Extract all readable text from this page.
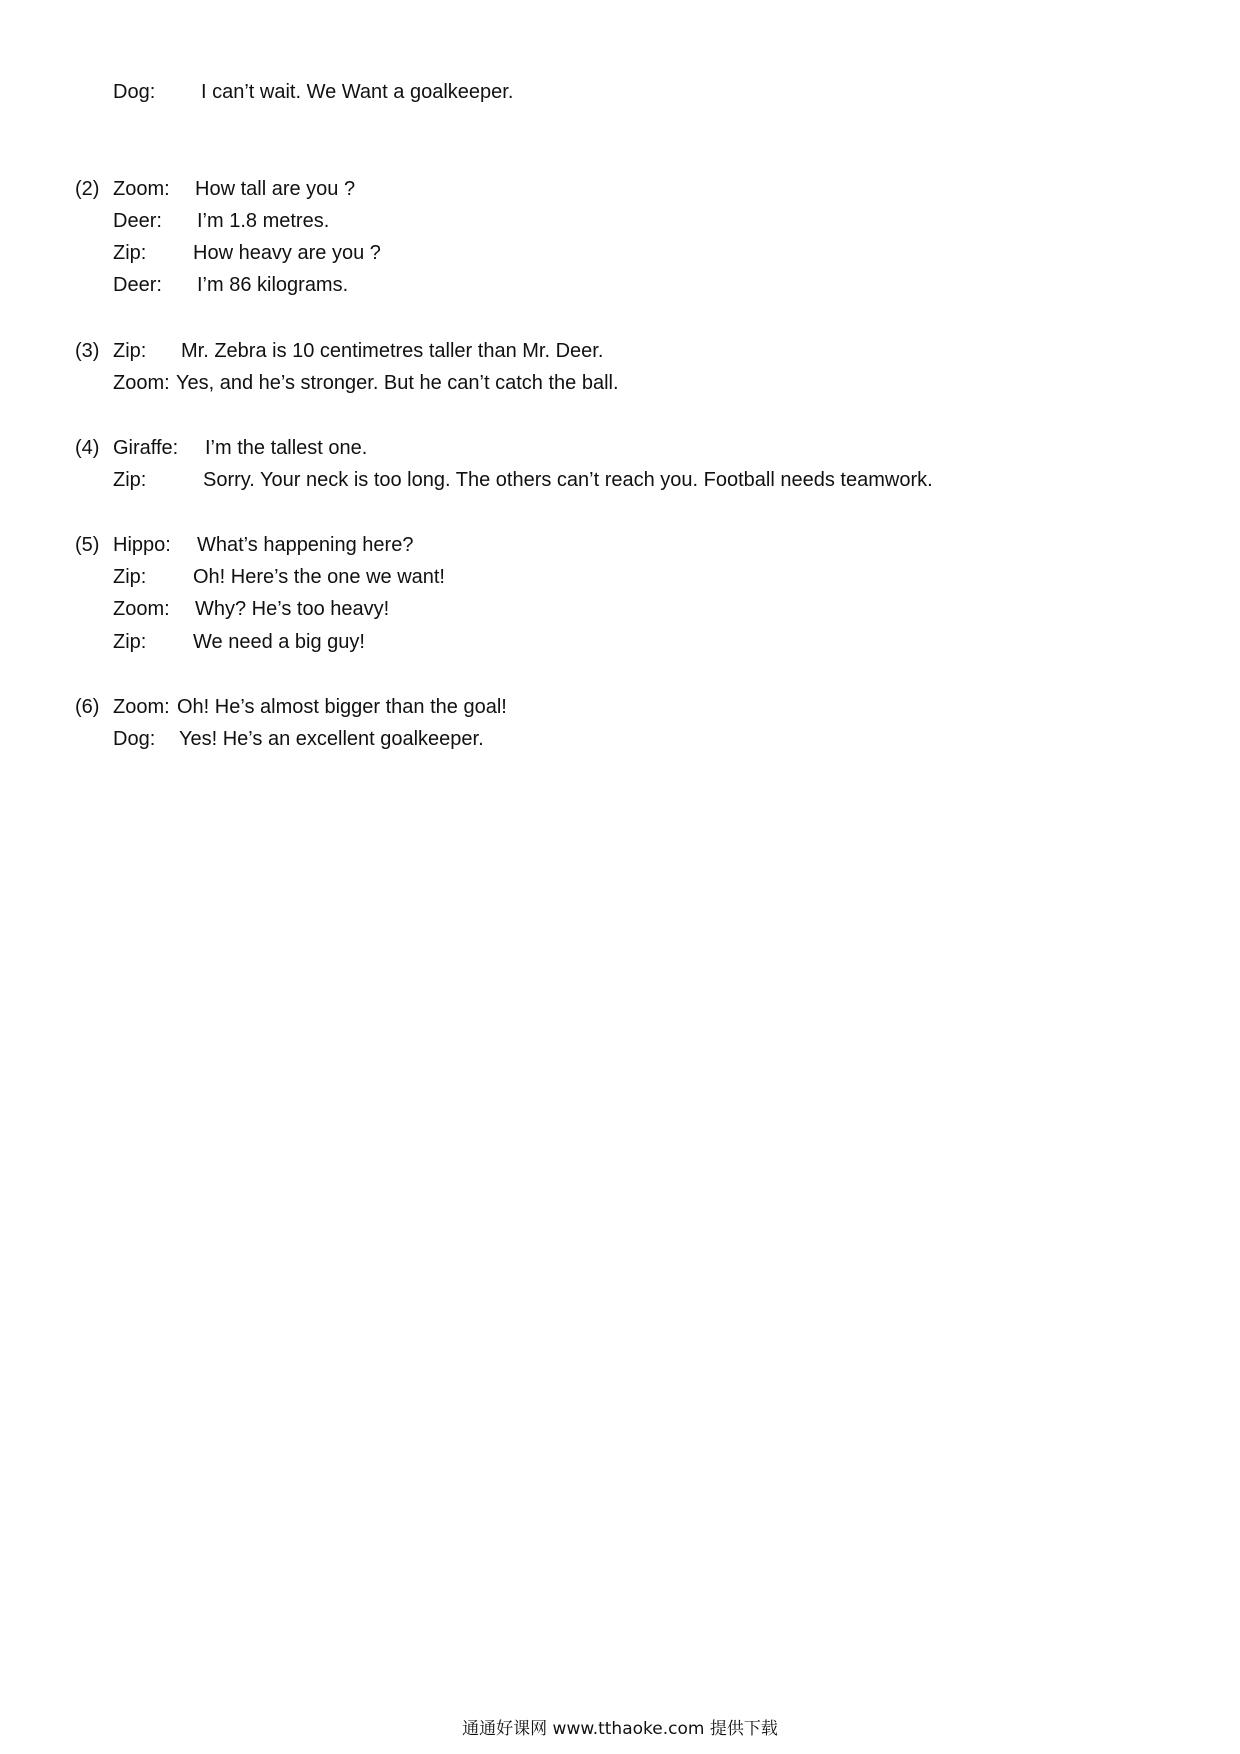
Dog: I can’t wait. We Want a goalkeeper.
(2) Zoom: How tall are you ?
Deer: I’m 1.8 metres.
Zip: How heavy are you ?
Deer: I’m 86 kilograms.
(3) Zip: Mr. Zebra is 10 centimetres taller than Mr. Deer.
Zoom: Yes, and he’s stronger. But he can’t catch the ball.
(4) Giraffe: I’m the tallest one.
Zip:	Sorry. Your neck is too long. The others can’t reach you. Football needs teamwork.
(5) Hippo: What’s happening here?
Zip: Oh! Here’s the one we want!
Zoom: Why? He’s too heavy!
Zip: We need a big guy!
(6) Zoom: Oh! He’s almost bigger than the goal!
Dog: Yes! He’s an excellent goalkeeper.
通通好课网 www.tthaoke.com 提供下载
